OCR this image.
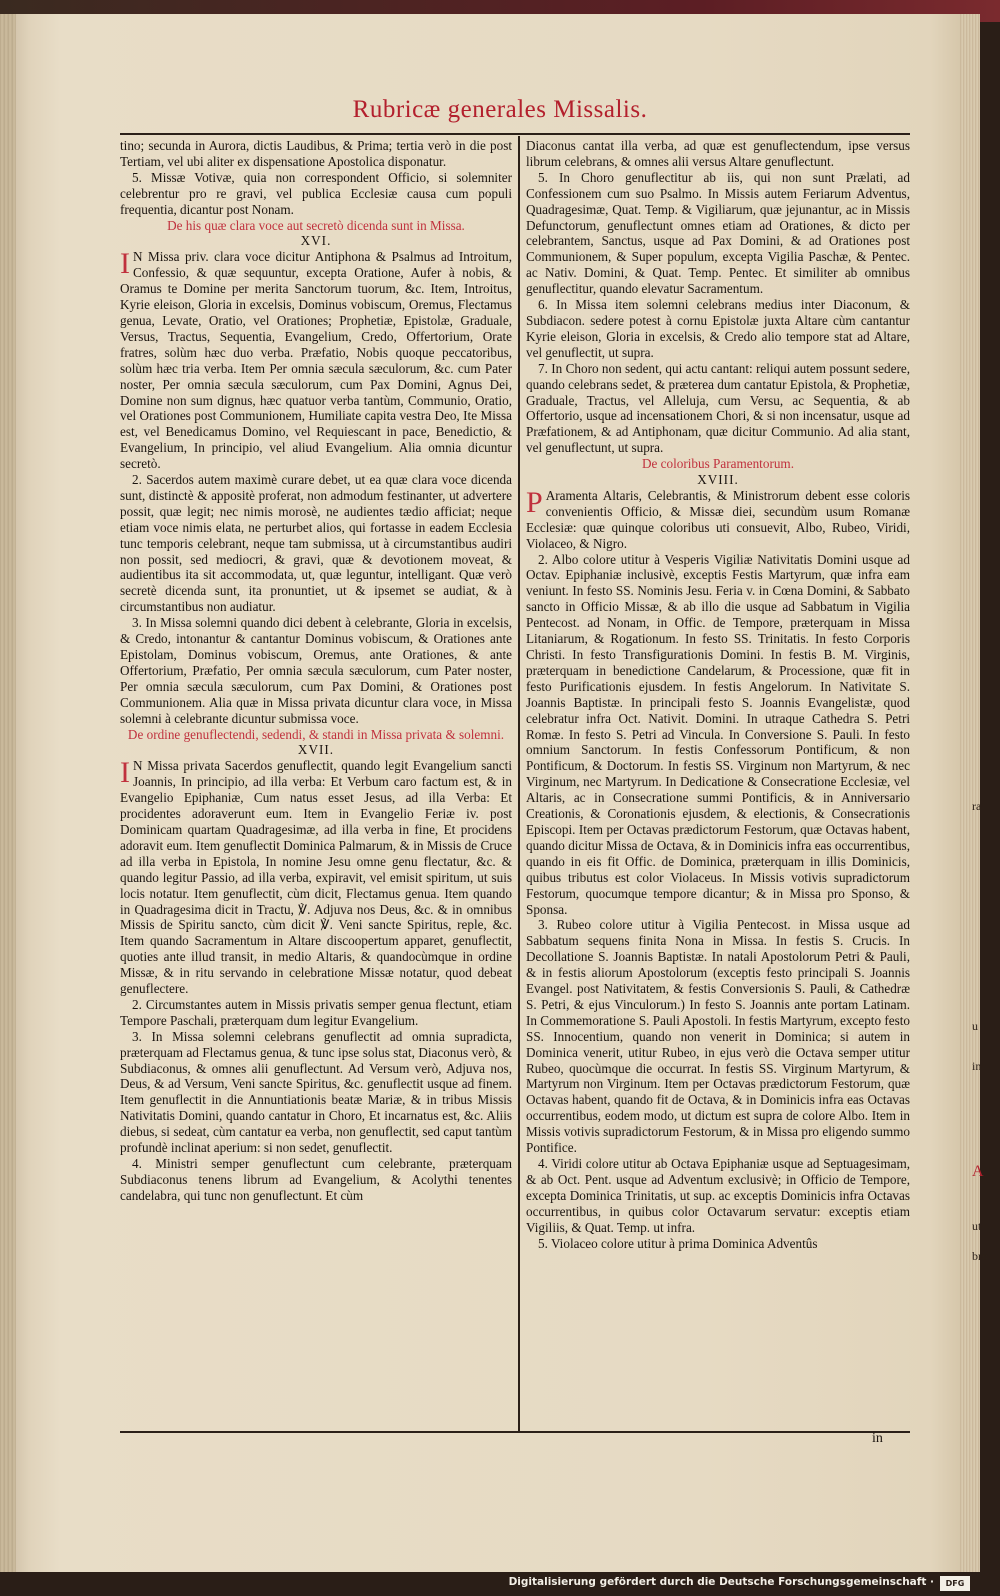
Rubricæ generales Missalis.

tino; secunda in Aurora, dictis Laudibus, & Prima; tertia verò in die post Tertiam, vel ubi aliter ex dispensatione Apostolica disponatur.

5. Missæ Votivæ, quia non correspondent Officio, si solemniter celebrentur pro re gravi, vel publica Ecclesiæ causa cum populi frequentia, dicantur post Nonam.

De his quæ clara voce aut secretò dicenda sunt in Missa.

XVI.

I N Missa priv. clara voce dicitur Antiphona & Psalmus ad Introitum, Confessio, & quæ sequuntur, excepta Oratione, Aufer à nobis, & Oramus te Domine per merita Sanctorum tuorum, &c. Item, Introitus, Kyrie eleison, Gloria in excelsis, Dominus vobiscum, Oremus, Flectamus genua, Levate, Oratio, vel Orationes; Prophetiæ, Epistolæ, Graduale, Versus, Tractus, Sequentia, Evangelium, Credo, Offertorium, Orate fratres, solùm hæc duo verba. Præfatio, Nobis quoque peccatoribus, solùm hæc tria verba. Item Per omnia sæcula sæculorum, &c. cum Pater noster, Per omnia sæcula sæculorum, cum Pax Domini, Agnus Dei, Domine non sum dignus, hæc quatuor verba tantùm, Communio, Oratio, vel Orationes post Communionem, Humiliate capita vestra Deo, Ite Missa est, vel Benedicamus Domino, vel Requiescant in pace, Benedictio, & Evangelium, In principio, vel aliud Evangelium. Alia omnia dicuntur secretò.

2. Sacerdos autem maximè curare debet, ut ea quæ clara voce dicenda sunt, distinctè & appositè proferat, non admodum festinanter, ut advertere possit, quæ legit; nec nimis morosè, ne audientes tædio afficiat; neque etiam voce nimis elata, ne perturbet alios, qui fortasse in eadem Ecclesia tunc temporis celebrant, neque tam submissa, ut à circumstantibus audiri non possit, sed mediocri, & gravi, quæ & devotionem moveat, & audientibus ita sit accommodata, ut, quæ leguntur, intelligant. Quæ verò secretè dicenda sunt, ita pronuntiet, ut & ipsemet se audiat, & à circumstantibus non audiatur.

3. In Missa solemni quando dici debent à celebrante, Gloria in excelsis, & Credo, intonantur & cantantur Dominus vobiscum, & Orationes ante Epistolam, Dominus vobiscum, Oremus, ante Orationes, & ante Offertorium, Præfatio, Per omnia sæcula sæculorum, cum Pater noster, Per omnia sæcula sæculorum, cum Pax Domini, & Orationes post Communionem. Alia quæ in Missa privata dicuntur clara voce, in Missa solemni à celebrante dicuntur submissa voce.

De ordine genuflectendi, sedendi, & standi in Missa privata & solemni.

XVII.

I N Missa privata Sacerdos genuflectit, quando legit Evangelium sancti Joannis, In principio, ad illa verba: Et Verbum caro factum est, & in Evangelio Epiphaniæ, Cum natus esset Jesus, ad illa Verba: Et procidentes adoraverunt eum. Item in Evangelio Feriæ iv. post Dominicam quartam Quadragesimæ, ad illa verba in fine, Et procidens adoravit eum. Item genuflectit Dominica Palmarum, & in Missis de Cruce ad illa verba in Epistola, In nomine Jesu omne genu flectatur, &c. & quando legitur Passio, ad illa verba, expiravit, vel emisit spiritum, ut suis locis notatur. Item genuflectit, cùm dicit, Flectamus genua. Item quando in Quadragesima dicit in Tractu, ℣. Adjuva nos Deus, &c. & in omnibus Missis de Spiritu sancto, cùm dicit ℣. Veni sancte Spiritus, reple, &c. Item quando Sacramentum in Altare discoopertum apparet, genuflectit, quoties ante illud transit, in medio Altaris, & quandocùmque in ordine Missæ, & in ritu servando in celebratione Missæ notatur, quod debeat genuflectere.

2. Circumstantes autem in Missis privatis semper genua flectunt, etiam Tempore Paschali, præterquam dum legitur Evangelium.

3. In Missa solemni celebrans genuflectit ad omnia supradicta, præterquam ad Flectamus genua, & tunc ipse solus stat, Diaconus verò, & Subdiaconus, & omnes alii genuflectunt. Ad Versum verò, Adjuva nos, Deus, & ad Versum, Veni sancte Spiritus, &c. genuflectit usque ad finem. Item genuflectit in die Annuntiationis beatæ Mariæ, & in tribus Missis Nativitatis Domini, quando cantatur in Choro, Et incarnatus est, &c. Aliis diebus, si sedeat, cùm cantatur ea verba, non genuflectit, sed caput tantùm profundè inclinat aperium: si non sedet, genuflectit.

4. Ministri semper genuflectunt cum celebrante, præterquam Subdiaconus tenens librum ad Evangelium, & Acolythi tenentes candelabra, qui tunc non genuflectunt. Et cùm

Diaconus cantat illa verba, ad quæ est genuflectendum, ipse versus librum celebrans, & omnes alii versus Altare genuflectunt.

5. In Choro genuflectitur ab iis, qui non sunt Prælati, ad Confessionem cum suo Psalmo. In Missis autem Feriarum Adventus, Quadragesimæ, Quat. Temp. & Vigiliarum, quæ jejunantur, ac in Missis Defunctorum, genuflectunt omnes etiam ad Orationes, & dicto per celebrantem, Sanctus, usque ad Pax Domini, & ad Orationes post Communionem, & Super populum, excepta Vigilia Paschæ, & Pentec. ac Nativ. Domini, & Quat. Temp. Pentec. Et similiter ab omnibus genuflectitur, quando elevatur Sacramentum.

6. In Missa item solemni celebrans medius inter Diaconum, & Subdiacon. sedere potest à cornu Epistolæ juxta Altare cùm cantantur Kyrie eleison, Gloria in excelsis, & Credo alio tempore stat ad Altare, vel genuflectit, ut supra.

7. In Choro non sedent, qui actu cantant: reliqui autem possunt sedere, quando celebrans sedet, & præterea dum cantatur Epistola, & Prophetiæ, Graduale, Tractus, vel Alleluja, cum Versu, ac Sequentia, & ab Offertorio, usque ad incensationem Chori, & si non incensatur, usque ad Præfationem, & ad Antiphonam, quæ dicitur Communio. Ad alia stant, vel genuflectunt, ut supra.

De coloribus Paramentorum.

XVIII.

P Aramenta Altaris, Celebrantis, & Ministrorum debent esse coloris convenientis Officio, & Missæ diei, secundùm usum Romanæ Ecclesiæ: quæ quinque coloribus uti consuevit, Albo, Rubeo, Viridi, Violaceo, & Nigro.

2. Albo colore utitur à Vesperis Vigiliæ Nativitatis Domini usque ad Octav. Epiphaniæ inclusivè, exceptis Festis Martyrum, quæ infra eam veniunt. In festo SS. Nominis Jesu. Feria v. in Cœna Domini, & Sabbato sancto in Officio Missæ, & ab illo die usque ad Sabbatum in Vigilia Pentecost. ad Nonam, in Offic. de Tempore, præterquam in Missa Litaniarum, & Rogationum. In festo SS. Trinitatis. In festo Corporis Christi. In festo Transfigurationis Domini. In festis B. M. Virginis, præterquam in benedictione Candelarum, & Processione, quæ fit in festo Purificationis ejusdem. In festis Angelorum. In Nativitate S. Joannis Baptistæ. In principali festo S. Joannis Evangelistæ, quod celebratur infra Oct. Nativit. Domini. In utraque Cathedra S. Petri Romæ. In festo S. Petri ad Vincula. In Conversione S. Pauli. In festo omnium Sanctorum. In festis Confessorum Pontificum, & non Pontificum, & Doctorum. In festis SS. Virginum non Martyrum, & nec Virginum, nec Martyrum. In Dedicatione & Consecratione Ecclesiæ, vel Altaris, ac in Consecratione summi Pontificis, & in Anniversario Creationis, & Coronationis ejusdem, & electionis, & Consecrationis Episcopi. Item per Octavas prædictorum Festorum, quæ Octavas habent, quando dicitur Missa de Octava, & in Dominicis infra eas occurrentibus, quando in eis fit Offic. de Dominica, præterquam in illis Dominicis, quibus tributus est color Violaceus. In Missis votivis supradictorum Festorum, quocumque tempore dicantur; & in Missa pro Sponso, & Sponsa.

3. Rubeo colore utitur à Vigilia Pentecost. in Missa usque ad Sabbatum sequens finita Nona in Missa. In festis S. Crucis. In Decollatione S. Joannis Baptistæ. In natali Apostolorum Petri & Pauli, & in festis aliorum Apostolorum (exceptis festo principali S. Joannis Evangel. post Nativitatem, & festis Conversionis S. Pauli, & Cathedræ S. Petri, & ejus Vinculorum.) In festo S. Joannis ante portam Latinam. In Commemoratione S. Pauli Apostoli. In festis Martyrum, excepto festo SS. Innocentium, quando non venerit in Dominica; si autem in Dominica venerit, utitur Rubeo, in ejus verò die Octava semper utitur Rubeo, quocùmque die occurrat. In festis SS. Virginum Martyrum, & Martyrum non Virginum. Item per Octavas prædictorum Festorum, quæ Octavas habent, quando fit de Octava, & in Dominicis infra eas Octavas occurrentibus, eodem modo, ut dictum est supra de colore Albo. Item in Missis votivis supradictorum Festorum, & in Missa pro eligendo summo Pontifice.

4. Viridi colore utitur ab Octava Epiphaniæ usque ad Septuagesimam, & ab Oct. Pent. usque ad Adventum exclusivè; in Officio de Tempore, excepta Dominica Trinitatis, ut sup. ac exceptis Dominicis infra Octavas occurrentibus, in quibus color Octavarum servatur: exceptis etiam Vigiliis, & Quat. Temp. ut infra.

5. Violaceo colore utitur à prima Dominica Adventûs

in
ra
u
in
ut
bro
A
Digitalisierung gefördert durch die Deutsche Forschungsgemeinschaft ·	DFG
